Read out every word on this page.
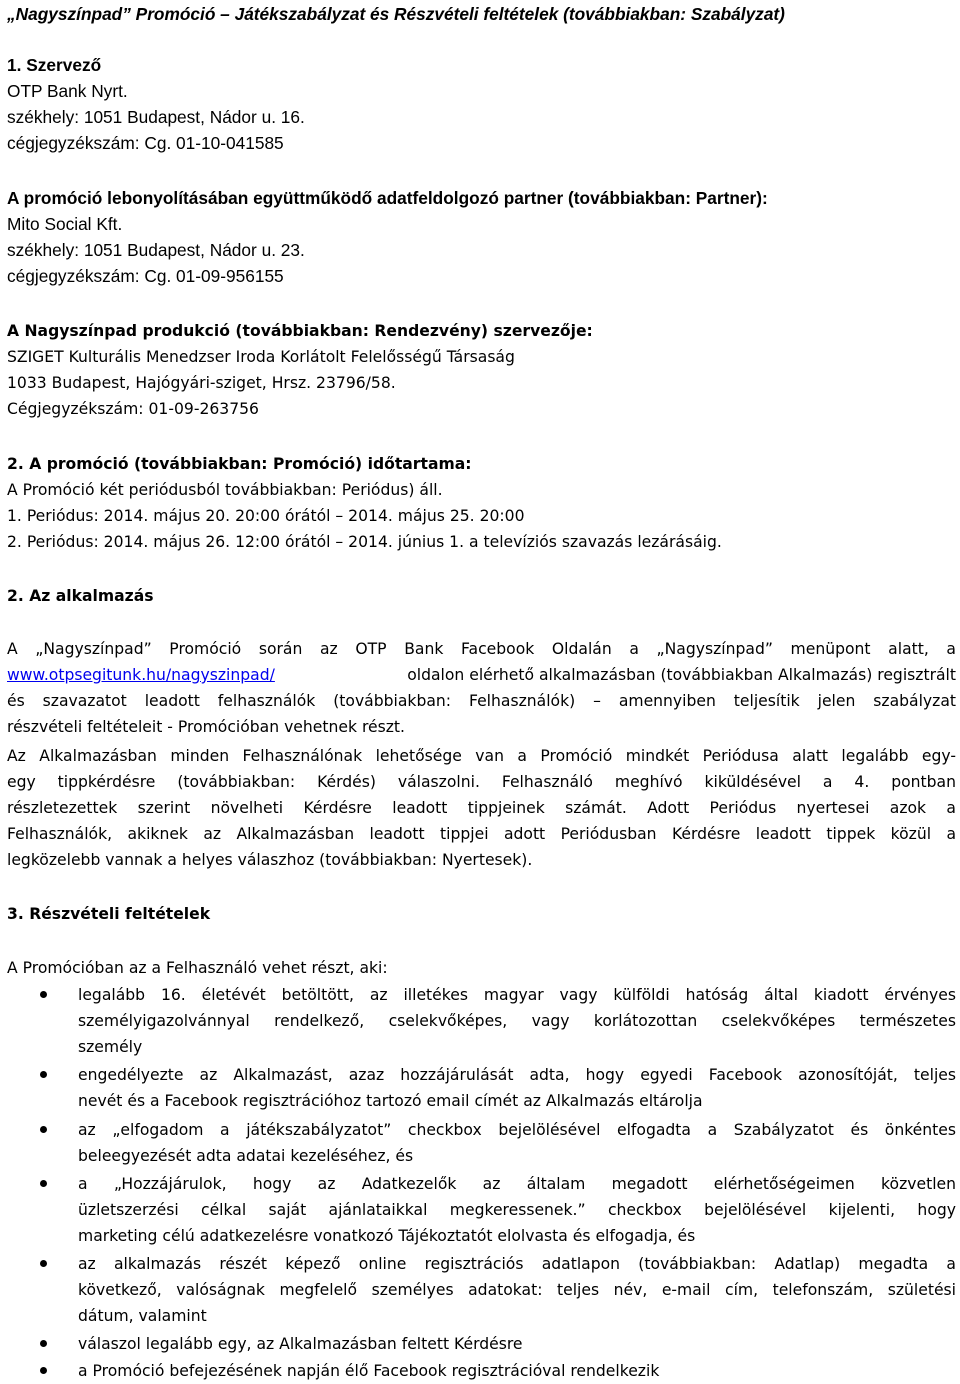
„Nagyszínpad” Promóció – Játékszabályzat és Részvételi feltételek (továbbiakban: Szabályzat)
1. Szervező
OTP Bank Nyrt.
székhely: 1051 Budapest, Nádor u. 16.
cégjegyzékszám: Cg. 01-10-041585
A promóció lebonyolításában együttműködő adatfeldolgozó partner (továbbiakban: Partner):
Mito Social Kft.
székhely: 1051 Budapest, Nádor u. 23.
cégjegyzékszám: Cg. 01-09-956155
A Nagyszínpad produkció (továbbiakban: Rendezvény) szervezője:
SZIGET Kulturális Menedzser Iroda Korlátolt Felelősségű Társaság
1033 Budapest, Hajógyári-sziget, Hrsz. 23796/58.
Cégjegyzékszám: 01-09-263756
2. A promóció (továbbiakban: Promóció) időtartama:
A Promóció két periódusból továbbiakban: Periódus) áll.
1. Periódus: 2014. május 20. 20:00 órától – 2014. május 25. 20:00
2. Periódus: 2014. május 26. 12:00 órától – 2014. június 1. a televíziós szavazás lezárásáig.
2. Az alkalmazás
A „Nagyszínpad” Promóció során az OTP Bank Facebook Oldalán a „Nagyszínpad” menüpont alatt, a
www.otpsegitunk.hu/nagyszinpad/	oldalon elérhető alkalmazásban (továbbiakban Alkalmazás) regisztrált
és szavazatot leadott felhasználók (továbbiakban: Felhasználók) – amennyiben teljesítik jelen szabályzat
részvételi feltételeit - Promócióban vehetnek részt.
Az Alkalmazásban minden Felhasználónak lehetősége van a Promóció mindkét Periódusa alatt legalább egy-
egy tippkérdésre (továbbiakban: Kérdés) válaszolni. Felhasználó meghívó kiküldésével a 4. pontban
részletezettek szerint növelheti Kérdésre leadott tippjeinek számát. Adott Periódus nyertesei azok a
Felhasználók, akiknek az Alkalmazásban leadott tippjei adott Periódusban Kérdésre leadott tippek közül a
legközelebb vannak a helyes válaszhoz (továbbiakban: Nyertesek).
3. Részvételi feltételek
A Promócióban az a Felhasználó vehet részt, aki:
legalább 16. életévét betöltött, az illetékes magyar vagy külföldi hatóság által kiadott érvényes
személyigazolvánnyal rendelkező, cselekvőképes, vagy korlátozottan cselekvőképes természetes
személy
engedélyezte az Alkalmazást, azaz hozzájárulását adta, hogy egyedi Facebook azonosítóját, teljes
nevét és a Facebook regisztrációhoz tartozó email címét az Alkalmazás eltárolja
az „elfogadom a játékszabályzatot” checkbox bejelölésével elfogadta a Szabályzatot és önkéntes
beleegyezését adta adatai kezeléséhez, és
a „Hozzájárulok, hogy az Adatkezelők az általam megadott elérhetőségeimen közvetlen
üzletszerzési célkal saját ajánlataikkal megkeressenek.” checkbox bejelölésével kijelenti, hogy
marketing célú adatkezelésre vonatkozó Tájékoztatót elolvasta és elfogadja, és
az alkalmazás részét képező online regisztrációs adatlapon (továbbiakban: Adatlap) megadta a
következő, valóságnak megfelelő személyes adatokat: teljes név, e-mail cím, telefonszám, születési
dátum, valamint
válaszol legalább egy, az Alkalmazásban feltett Kérdésre
a Promóció befejezésének napján élő Facebook regisztrációval rendelkezik
